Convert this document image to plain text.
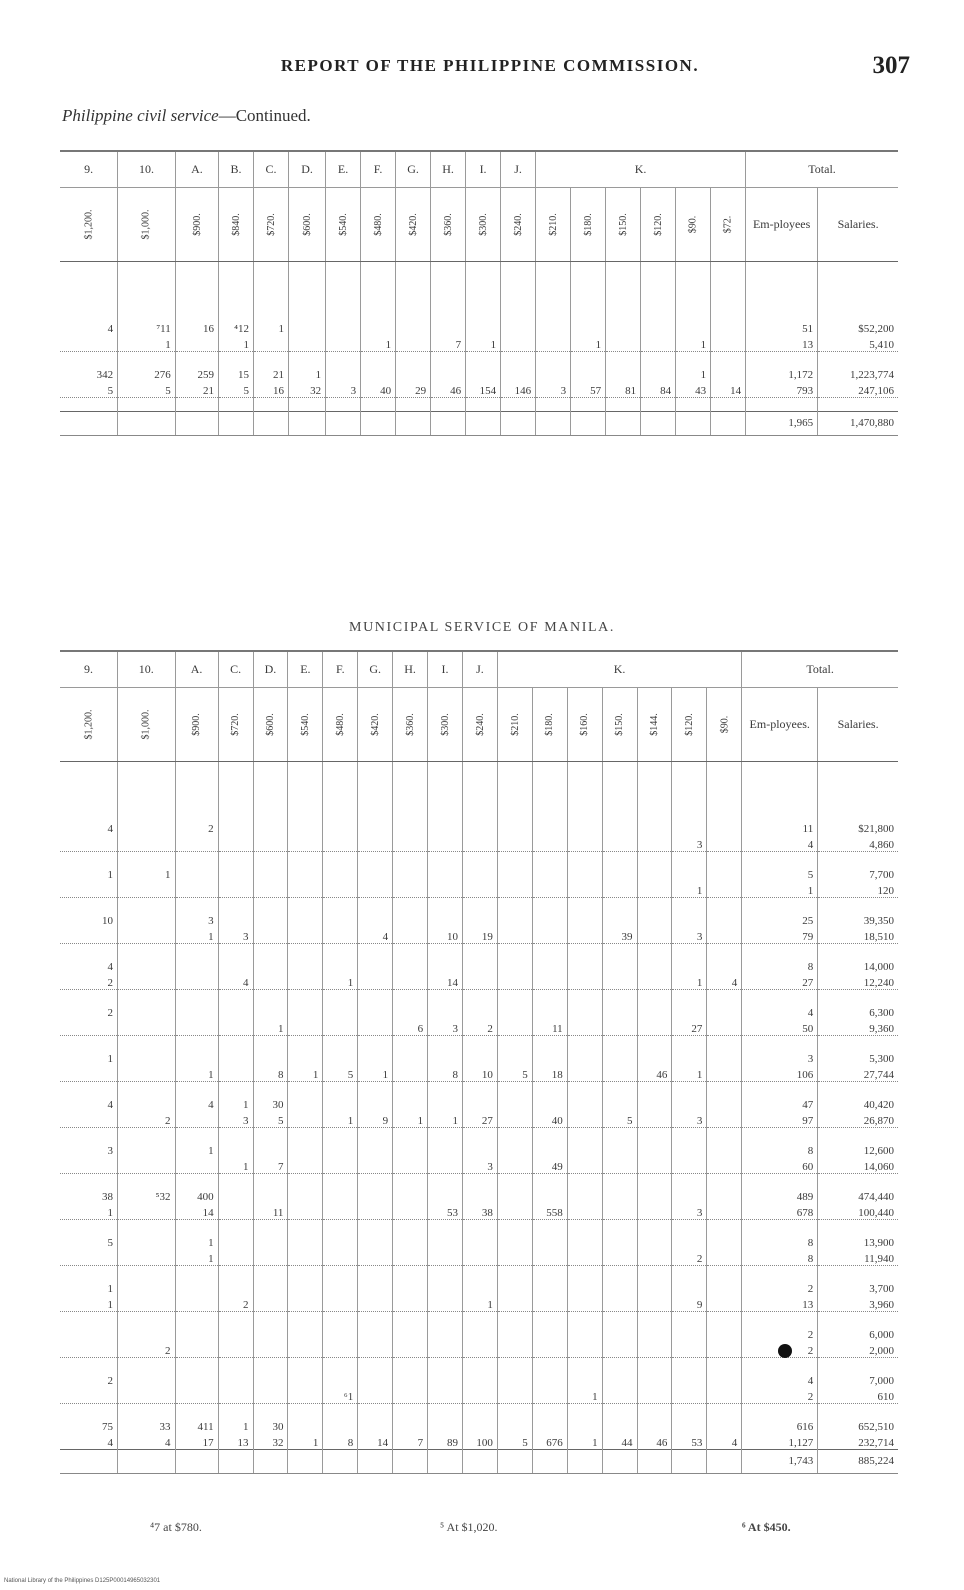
REPORT OF THE PHILIPPINE COMMISSION.	307
Philippine civil service—Continued.
9.	10.	A.	B.	C.	D.	E.	F.	G.	H.	I.	J.	K.						Total.	
$1,200.	$1,000.	$900.	$840.	$720.	$600.	$540.	$480.	$420.	$360.	$300.	$240.	$210.	$180.	$150.	$120.	$90.	$72.	Em-ployees	Salaries.

4	⁷11	16	⁴12	1														51	$52,200
	1		1				1		7	1			1			1		13	5,410

342	276	259	15	21	1											1		1,172	1,223,774
5	5	21	5	16	32	3	40	29	46	154	146	3	57	81	84	43	14	793	247,106

																		1,965	1,470,880
MUNICIPAL SERVICE OF MANILA.
9.	10.	A.	C.	D.	E.	F.	G.	H.	I.	J.	K.							Total.	
$1,200.	$1,000.	$900.	$720.	$600.	$540.	$480.	$420.	$360.	$300.	$240.	$210.	$180.	$160.	$150.	$144.	$120.	$90.	Em-ployees.	Salaries.

4		2																11	$21,800
																3		4	4,860

1	1																	5	7,700
																1		1	120

10		3																25	39,350
		1	3				4		10	19				39		3		79	18,510

4																		8	14,000
2			4			1			14							1	4	27	12,240

2																		4	6,300
				1				6	3	2		11				27		50	9,360

1																		3	5,300
		1		8	1	5	1		8	10	5	18			46	1		106	27,744

4		4	1	30														47	40,420
	2		3	5		1	9	1	1	27		40		5		3		97	26,870

3		1																8	12,600
			1	7						3		49						60	14,060

38	⁵32	400																489	474,440
1		14		11					53	38		558				3		678	100,440

5		1																8	13,900
		1														2		8	11,940

1																		2	3,700
1			2							1						9		13	3,960

																		2	6,000
	2																	2	2,000

2																		4	7,000
						⁶1							1					2	610

75	33	411	1	30														616	652,510
4	4	17	13	32	1	8	14	7	89	100	5	676	1	44	46	53	4	1,127	232,714
																		1,743	885,224
⁴7 at $780.	⁵ At $1,020.	⁶ At $450.
National Library of the Philippines D125P00014965032301
